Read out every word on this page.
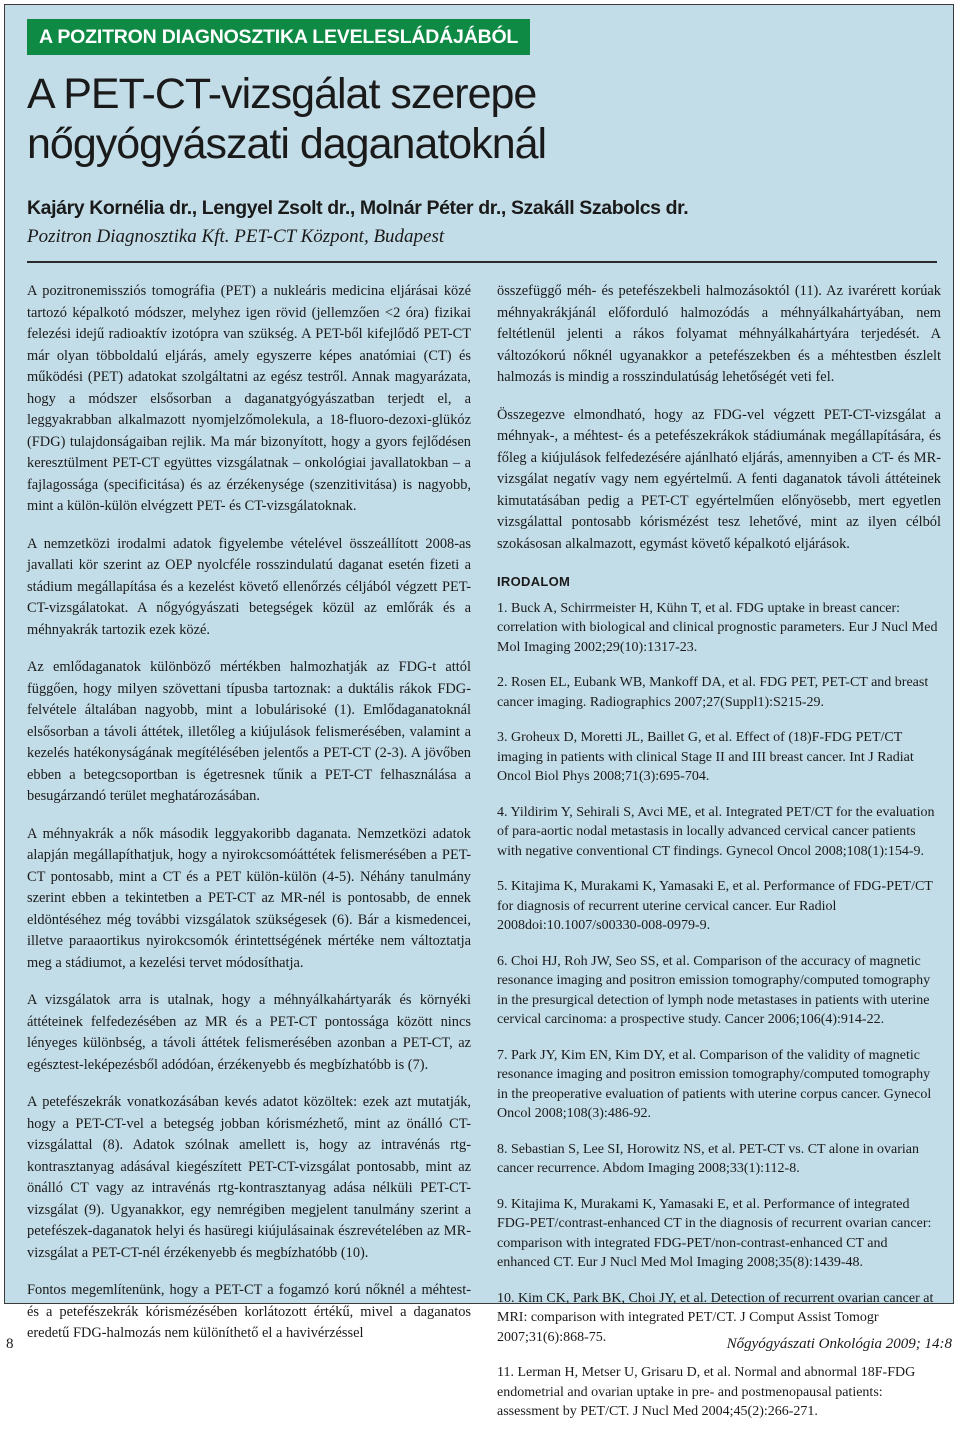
A POZITRON DIAGNOSZTIKA LEVELESLÁDÁJÁBÓL
A PET-CT-vizsgálat szerepe
nőgyógyászati daganatoknál
Kajáry Kornélia dr., Lengyel Zsolt dr., Molnár Péter dr., Szakáll Szabolcs dr.
Pozitron Diagnosztika Kft. PET-CT Központ, Budapest

A pozitronemissziós tomográfia (PET) a nukleáris medicina eljárásai közé tartozó képalkotó módszer, melyhez igen rövid (jellemzően <2 óra) fizikai felezési idejű radioaktív izotópra van szükség. A PET-ből kifejlődő PET-CT már olyan többoldalú eljárás, amely egyszerre képes anatómiai (CT) és működési (PET) adatokat szolgáltatni az egész testről. Annak magyarázata, hogy a módszer elsősorban a daganatgyógyászatban terjedt el, a leggyakrabban alkalmazott nyomjelzőmolekula, a 18-fluoro-dezoxi-glükóz (FDG) tulajdonságaiban rejlik. Ma már bizonyított, hogy a gyors fejlődésen keresztülment PET-CT együttes vizsgálatnak – onkológiai javallatokban – a fajlagossága (specificitása) és az érzékenysége (szenzitivitása) is nagyobb, mint a külön-külön elvégzett PET- és CT-vizsgálatoknak.

A nemzetközi irodalmi adatok figyelembe vételével összeállított 2008-as javallati kör szerint az OEP nyolcféle rosszindulatú daganat esetén fizeti a stádium megállapítása és a kezelést követő ellenőrzés céljából végzett PET-CT-vizsgálatokat. A nőgyógyászati betegségek közül az emlőrák és a méhnyakrák tartozik ezek közé.

Az emlődaganatok különböző mértékben halmozhatják az FDG-t attól függően, hogy milyen szövettani típusba tartoznak: a duktális rákok FDG-felvétele általában nagyobb, mint a lobulárisoké (1). Emlődaganatoknál elsősorban a távoli áttétek, illetőleg a kiújulások felismerésében, valamint a kezelés hatékonyságának megítélésében jelentős a PET-CT (2-3). A jövőben ebben a betegcsoportban is égetresnek tűnik a PET-CT felhasználása a besugárzandó terület meghatározásában.

A méhnyakrák a nők második leggyakoribb daganata. Nemzetközi adatok alapján megállapíthatjuk, hogy a nyirokcsomóáttétek felismerésében a PET-CT pontosabb, mint a CT és a PET külön-külön (4-5). Néhány tanulmány szerint ebben a tekintetben a PET-CT az MR-nél is pontosabb, de ennek eldöntéséhez még további vizsgálatok szükségesek (6). Bár a kismedencei, illetve paraaortikus nyirokcsomók érintettségének mértéke nem változtatja meg a stádiumot, a kezelési tervet módosíthatja.

A vizsgálatok arra is utalnak, hogy a méhnyálkahártyarák és környéki áttéteinek felfedezésében az MR és a PET-CT pontossága között nincs lényeges különbség, a távoli áttétek felismerésében azonban a PET-CT, az egésztest-leképezésből adódóan, érzékenyebb és megbízhatóbb is (7).

A petefészekrák vonatkozásában kevés adatot közöltek: ezek azt mutatják, hogy a PET-CT-vel a betegség jobban kórismézhető, mint az önálló CT-vizsgálattal (8). Adatok szólnak amellett is, hogy az intravénás rtg-kontrasztanyag adásával kiegészített PET-CT-vizsgálat pontosabb, mint az önálló CT vagy az intravénás rtg-kontrasztanyag adása nélküli PET-CT-vizsgálat (9). Ugyanakkor, egy nemrégiben megjelent tanulmány szerint a petefészek-daganatok helyi és hasüregi kiújulásainak észrevételében az MR-vizsgálat a PET-CT-nél érzékenyebb és megbízhatóbb (10).

Fontos megemlítenünk, hogy a PET-CT a fogamzó korú nőknél a méhtest- és a petefészekrák kórismézésében korlátozott értékű, mivel a daganatos eredetű FDG-halmozás nem különíthető el a havivérzéssel

összefüggő méh- és petefészekbeli halmozásoktól (11). Az ivarérett korúak méhnyakrákjánál előforduló halmozódás a méhnyálkahártyában, nem feltétlenül jelenti a rákos folyamat méhnyálkahártyára terjedését. A változókorú nőknél ugyanakkor a petefészekben és a méhtestben észlelt halmozás is mindig a rosszindulatúság lehetőségét veti fel.

Összegezve elmondható, hogy az FDG-vel végzett PET-CT-vizsgálat a méhnyak-, a méhtest- és a petefészekrákok stádiumának megállapítására, és főleg a kiújulások felfedezésére ajánlható eljárás, amennyiben a CT- és MR-vizsgálat negatív vagy nem egyértelmű. A fenti daganatok távoli áttéteinek kimutatásában pedig a PET-CT egyértelműen előnyösebb, mert egyetlen vizsgálattal pontosabb kórismézést tesz lehetővé, mint az ilyen célból szokásosan alkalmazott, egymást követő képalkotó eljárások.

IRODALOM

1. Buck A, Schirrmeister H, Kühn T, et al. FDG uptake in breast cancer: correlation with biological and clinical prognostic parameters. Eur J Nucl Med Mol Imaging 2002;29(10):1317-23.

2. Rosen EL, Eubank WB, Mankoff DA, et al. FDG PET, PET-CT and breast cancer imaging. Radiographics 2007;27(Suppl1):S215-29.

3. Groheux D, Moretti JL, Baillet G, et al. Effect of (18)F-FDG PET/CT imaging in patients with clinical Stage II and III breast cancer. Int J Radiat Oncol Biol Phys 2008;71(3):695-704.

4. Yildirim Y, Sehirali S, Avci ME, et al. Integrated PET/CT for the evaluation of para-aortic nodal metastasis in locally advanced cervical cancer patients with negative conventional CT findings. Gynecol Oncol 2008;108(1):154-9.

5. Kitajima K, Murakami K, Yamasaki E, et al. Performance of FDG-PET/CT for diagnosis of recurrent uterine cervical cancer. Eur Radiol 2008doi:10.1007/s00330-008-0979-9.

6. Choi HJ, Roh JW, Seo SS, et al. Comparison of the accuracy of magnetic resonance imaging and positron emission tomography/computed tomography in the presurgical detection of lymph node metastases in patients with uterine cervical carcinoma: a prospective study. Cancer 2006;106(4):914-22.

7. Park JY, Kim EN, Kim DY, et al. Comparison of the validity of magnetic resonance imaging and positron emission tomography/computed tomography in the preoperative evaluation of patients with uterine corpus cancer. Gynecol Oncol 2008;108(3):486-92.

8. Sebastian S, Lee SI, Horowitz NS, et al. PET-CT vs. CT alone in ovarian cancer recurrence. Abdom Imaging 2008;33(1):112-8.

9. Kitajima K, Murakami K, Yamasaki E, et al. Performance of integrated FDG-PET/contrast-enhanced CT in the diagnosis of recurrent ovarian cancer: comparison with integrated FDG-PET/non-contrast-enhanced CT and enhanced CT. Eur J Nucl Med Mol Imaging 2008;35(8):1439-48.

10. Kim CK, Park BK, Choi JY, et al. Detection of recurrent ovarian cancer at MRI: comparison with integrated PET/CT. J Comput Assist Tomogr 2007;31(6):868-75.

11. Lerman H, Metser U, Grisaru D, et al. Normal and abnormal 18F-FDG endometrial and ovarian uptake in pre- and postmenopausal patients: assessment by PET/CT. J Nucl Med 2004;45(2):266-271.

8	Nőgyógyászati Onkológia 2009; 14:8
